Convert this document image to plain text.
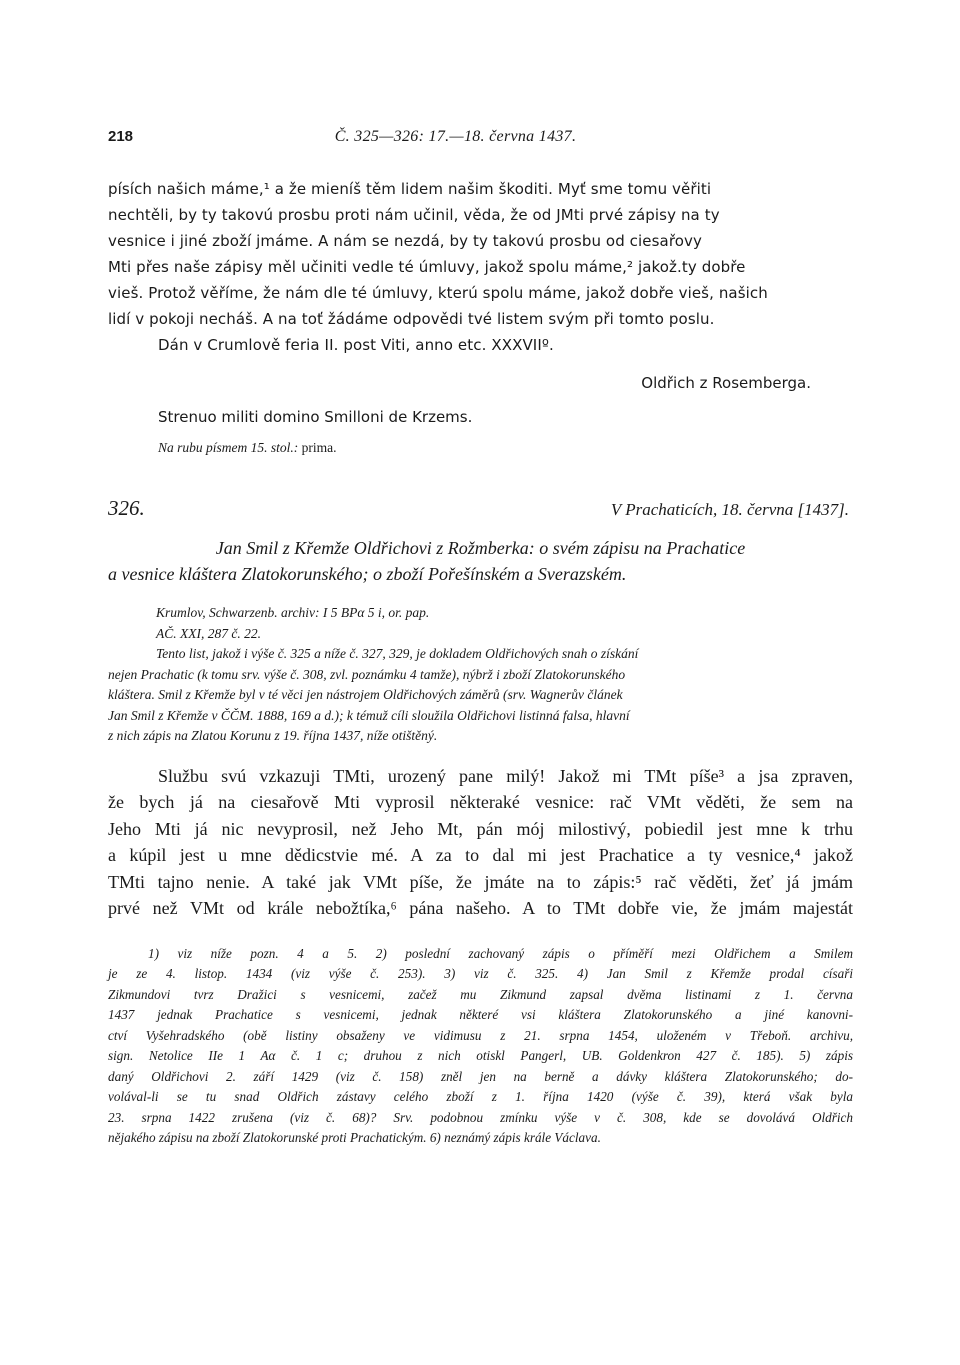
218	Č. 325—326: 17.—18. června 1437.
písích našich máme,¹ a že mieníš těm lidem našim škoditi. Myť sme tomu věřiti
nechtěli, by ty takovú prosbu proti nám učinil, věda, že od JMti prvé zápisy na ty
vesnice i jiné zboží jmáme. A nám se nezdá, by ty takovú prosbu od ciesařovy
Mti přes naše zápisy měl učiniti vedle té úmluvy, jakož spolu máme,² jakož.ty dobře
vieš. Protož věříme, že nám dle té úmluvy, kterú spolu máme, jakož dobře vieš, našich
lidí v pokoji necháš. A na toť žádáme odpovědi tvé listem svým při tomto poslu.
Dán v Crumlově feria II. post Viti, anno etc. XXXVIIº.
Oldřich z Rosemberga.
Strenuo militi domino Smilloni de Krzems.
Na rubu písmem 15. stol.: prima.
326.	V Prachaticích, 18. června [1437].
Jan Smil z Křemže Oldřichovi z Rožmberka: o svém zápisu na Prachatice
a vesnice kláštera Zlatokorunského; o zboží Pořešínském a Sverazském.
Krumlov, Schwarzenb. archiv: I 5 BPα 5 i, or. pap.
AČ. XXI, 287 č. 22.
Tento list, jakož i výše č. 325 a níže č. 327, 329, je dokladem Oldřichových snah o získání
nejen Prachatic (k tomu srv. výše č. 308, zvl. poznámku 4 tamže), nýbrž i zboží Zlatokorunského
kláštera. Smil z Křemže byl v té věci jen nástrojem Oldřichových záměrů (srv. Wagnerův článek
Jan Smil z Křemže v ČČM. 1888, 169 a d.); k témuž cíli sloužila Oldřichovi listinná falsa, hlavní
z nich zápis na Zlatou Korunu z 19. října 1437, níže otištěný.
Službu svú vzkazuji TMti, urozený pane milý! Jakož mi TMt píše³ a jsa zpraven,
že bych já na ciesařově Mti vyprosil některaké vesnice: rač VMt věděti, že sem na
Jeho Mti já nic nevyprosil, než Jeho Mt, pán mój milostivý, pobiedil jest mne k trhu
a kúpil jest u mne dědicstvie mé. A za to dal mi jest Prachatice a ty vesnice,⁴ jakož
TMti tajno nenie. A také jak VMt píše, že jmáte na to zápis:⁵ rač věděti, žeť já jmám
prvé než VMt od krále nebožtíka,⁶ pána našeho. A to TMt dobře vie, že jmám majestát
1) viz níže pozn. 4 a 5. 2) poslední zachovaný zápis o příměří mezi Oldřichem a Smilem
je ze 4. listop. 1434 (viz výše č. 253). 3) viz č. 325. 4) Jan Smil z Křemže prodal císaři
Zikmundovi tvrz Dražici s vesnicemi, začež mu Zikmund zapsal dvěma listinami z 1. června
1437 jednak Prachatice s vesnicemi, jednak některé vsi kláštera Zlatokorunského a jiné kanovni-
ctví Vyšehradského (obě listiny obsaženy ve vidimusu z 21. srpna 1454, uloženém v Třeboň. archivu,
sign. Netolice IIe 1 Aα č. 1 c; druhou z nich otiskl Pangerl, UB. Goldenkron 427 č. 185). 5) zápis
daný Oldřichovi 2. září 1429 (viz č. 158) zněl jen na berně a dávky kláštera Zlatokorunského; do-
volával-li se tu snad Oldřich zástavy celého zboží z 1. října 1420 (výše č. 39), která však byla
23. srpna 1422 zrušena (viz č. 68)? Srv. podobnou zmínku výše v č. 308, kde se dovolává Oldřich
nějakého zápisu na zboží Zlatokorunské proti Prachatickým. 6) neznámý zápis krále Václava.
